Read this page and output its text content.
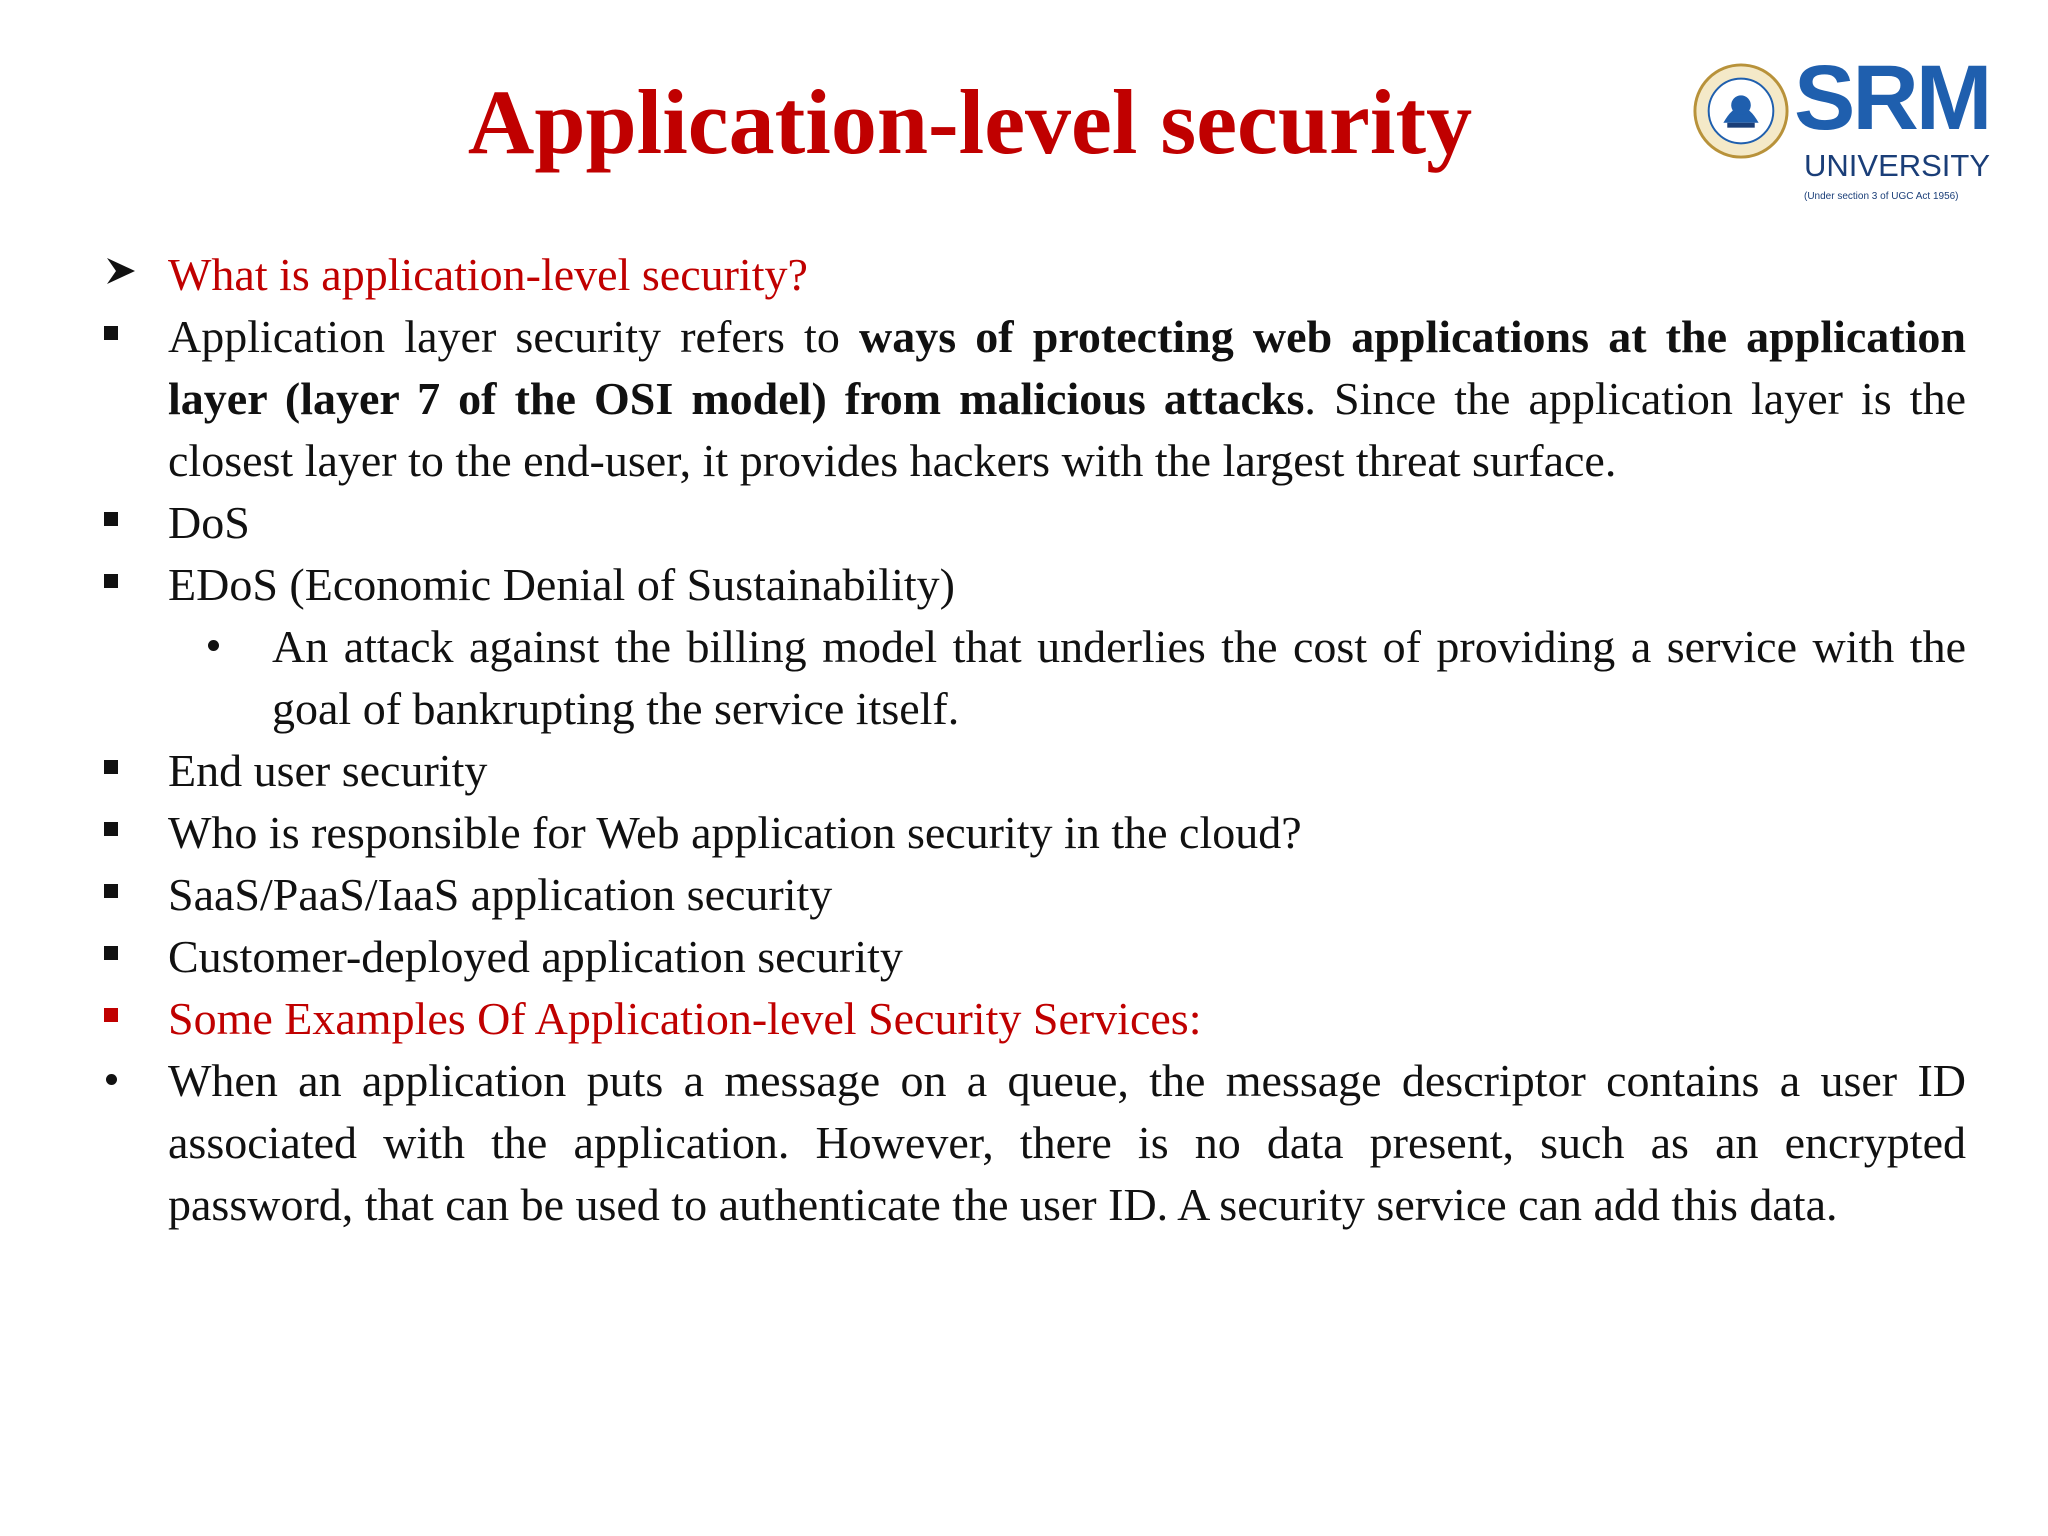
Application-level security	SRM
UNIVERSITY
(Under section 3 of UGC Act 1956)
What is application-level security?
Application layer security refers to ways of protecting web applications at the application layer (layer 7 of the OSI model) from malicious attacks. Since the application layer is the closest layer to the end-user, it provides hackers with the largest threat surface.
DoS
EDoS (Economic Denial of Sustainability)
An attack against the billing model that underlies the cost of providing a service with the goal of bankrupting the service itself.
End user security
Who is responsible for Web application security in the cloud?
SaaS/PaaS/IaaS application security
Customer-deployed application security
Some Examples Of Application-level Security Services:
When an application puts a message on a queue, the message descriptor contains a user ID associated with the application. However, there is no data present, such as an encrypted password, that can be used to authenticate the user ID. A security service can add this data.
